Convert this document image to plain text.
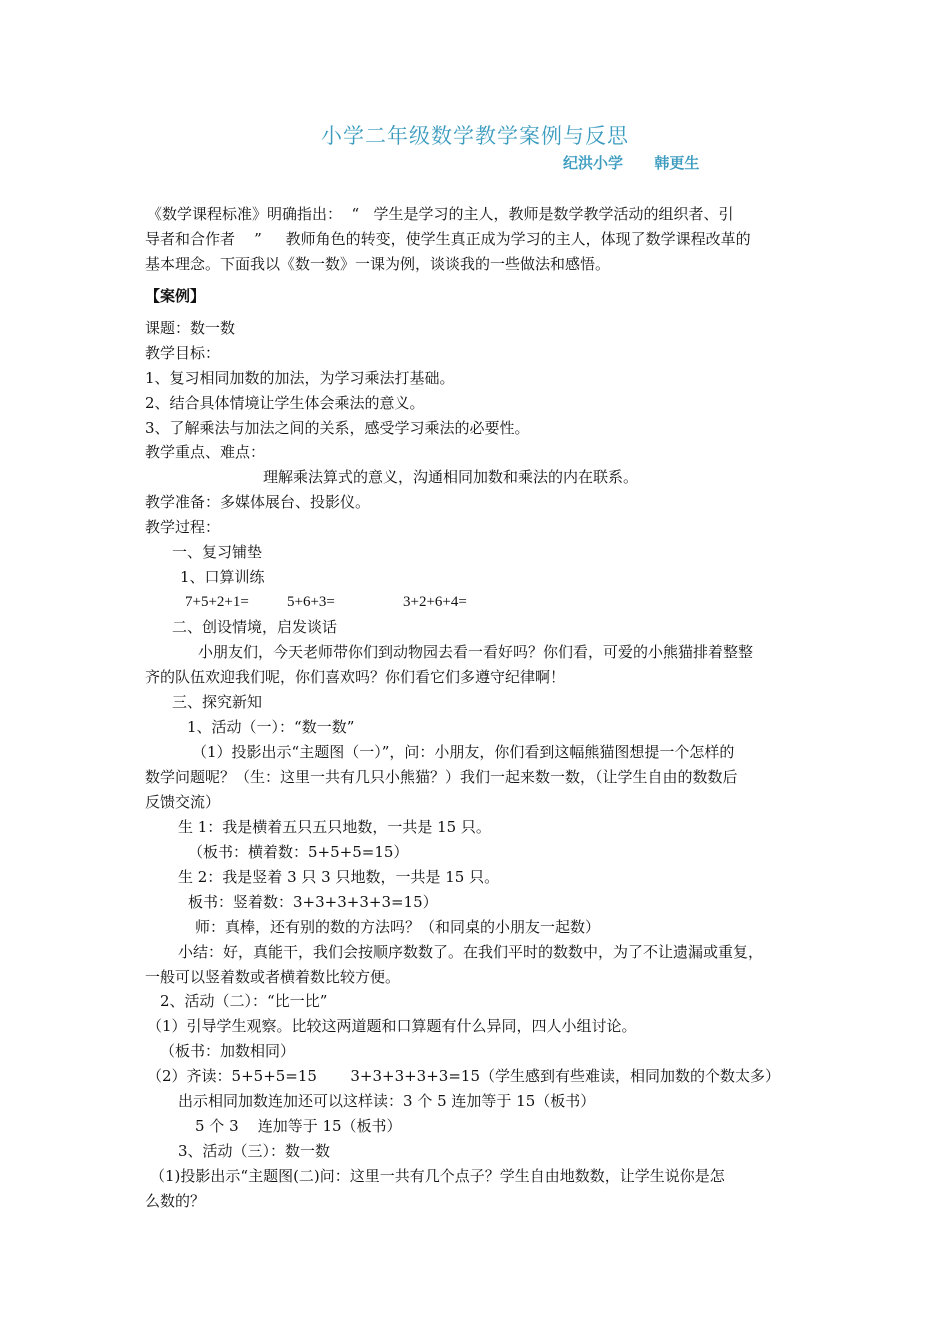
小学二年级数学教学案例与反思
纪洪小学      韩更生
《数学课程标准》明确指出：  “   学生是学习的主人，教师是数学教学活动的组织者、引
导者和合作者    ”     教师角色的转变，使学生真正成为学习的主人，体现了数学课程改革的
基本理念。下面我以《数一数》一课为例，谈谈我的一些做法和感悟。
【案例】
课题：数一数
教学目标：
1、复习相同加数的加法，为学习乘法打基础。
2、结合具体情境让学生体会乘法的意义。
3、了解乘法与加法之间的关系，感受学习乘法的必要性。
教学重点、难点：
理解乘法算式的意义，沟通相同加数和乘法的内在联系。
教学准备：多媒体展台、投影仪。
教学过程：
一、复习铺垫
1、口算训练
7+5+2+1=	5+6+3=	3+2+6+4=
二、创设情境，启发谈话
小朋友们，今天老师带你们到动物园去看一看好吗？你们看，可爱的小熊猫排着整整
齐的队伍欢迎我们呢，你们喜欢吗？你们看它们多遵守纪律啊！
三、探究新知
1、活动（一）：“数一数”
（1）投影出示“主题图（一）”，问：小朋友，你们看到这幅熊猫图想提一个怎样的
数学问题呢？（生：这里一共有几只小熊猫？）我们一起来数一数，（让学生自由的数数后
反馈交流）
生 1：我是横着五只五只地数，一共是 15 只。
（板书：横着数：5+5+5=15）
生 2：我是竖着 3 只 3 只地数，一共是 15 只。
板书：竖着数：3+3+3+3+3=15）
师：真棒，还有别的数的方法吗？（和同桌的小朋友一起数）
小结：好，真能干，我们会按顺序数数了。在我们平时的数数中，为了不让遗漏或重复，
一般可以竖着数或者横着数比较方便。
2、活动（二）：“比一比”
（1）引导学生观察。比较这两道题和口算题有什么异同，四人小组讨论。
（板书：加数相同）
（2）齐读：5+5+5=15       3+3+3+3+3=15（学生感到有些难读，相同加数的个数太多）
出示相同加数连加还可以这样读：3 个 5 连加等于 15（板书）
5 个 3    连加等于 15（板书）
3、活动（三）：数一数
（1)投影出示“主题图(二)问：这里一共有几个点子？学生自由地数数，让学生说你是怎
么数的？
